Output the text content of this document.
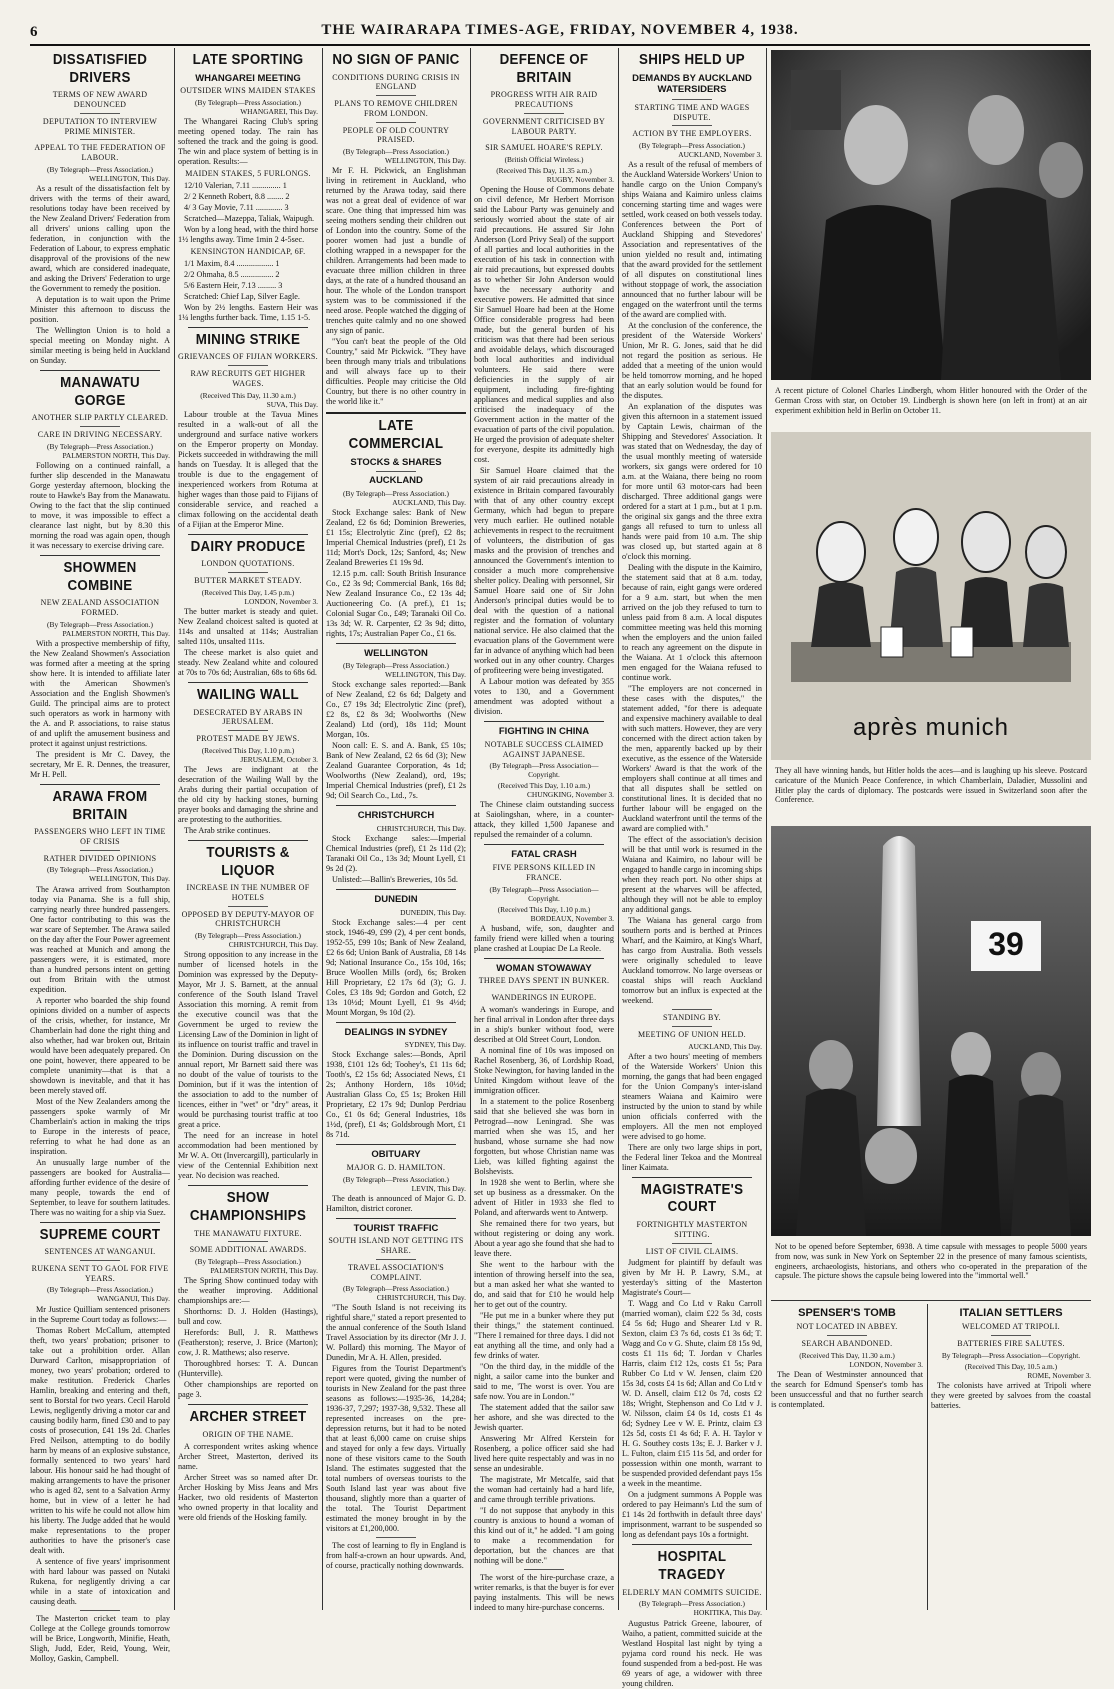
6	THE WAIRARAPA TIMES-AGE, FRIDAY, NOVEMBER 4, 1938.
DISSATISFIED DRIVERS
TERMS OF NEW AWARD DENOUNCED
DEPUTATION TO INTERVIEW PRIME MINISTER.
APPEAL TO THE FEDERATION OF LABOUR.

(By Telegraph—Press Association.)

WELLINGTON, This Day.

As a result of the dissatisfaction felt by drivers with the terms of their award, resolutions today have been received by the New Zealand Drivers' Federation from all drivers' unions calling upon the federation, in conjunction with the Federation of Labour, to express emphatic disapproval of the provisions of the new award, which are considered inadequate, and asking the Drivers' Federation to urge the Government to remedy the position.

A deputation is to wait upon the Prime Minister this afternoon to discuss the position.

The Wellington Union is to hold a special meeting on Monday night. A similar meeting is being held in Auckland on Sunday.

MANAWATU GORGE
ANOTHER SLIP PARTLY CLEARED.
CARE IN DRIVING NECESSARY.

(By Telegraph—Press Association.)

PALMERSTON NORTH, This Day.

Following on a continued rainfall, a further slip descended in the Manawatu Gorge yesterday afternoon, blocking the route to Hawke's Bay from the Manawatu. Owing to the fact that the slip continued to move, it was impossible to effect a clearance last night, but by 8.30 this morning the road was again open, though it was necessary to exercise driving care.

SHOWMEN COMBINE
NEW ZEALAND ASSOCIATION FORMED.

(By Telegraph—Press Association.)

PALMERSTON NORTH, This Day.

With a prospective membership of fifty, the New Zealand Showmen's Association was formed after a meeting at the spring show here. It is intended to affiliate later with the American Showmen's Association and the English Showmen's Guild. The principal aims are to protect such operators as work in harmony with the A. and P. associations, to raise status of and uplift the amusement business and protect it against unjust restrictions.

The president is Mr C. Davey, the secretary, Mr E. R. Dennes, the treasurer, Mr H. Pell.

ARAWA FROM BRITAIN
PASSENGERS WHO LEFT IN TIME OF CRISIS
RATHER DIVIDED OPINIONS

(By Telegraph—Press Association.)

WELLINGTON, This Day.

The Arawa arrived from Southampton today via Panama. She is a full ship, carrying nearly three hundred passengers. One factor contributing to this was the war scare of September. The Arawa sailed on the day after the Four Power agreement was reached at Munich and among the passengers were, it is estimated, more than a hundred persons intent on getting out from Britain with the utmost expedition.

A reporter who boarded the ship found opinions divided on a number of aspects of the crisis, whether, for instance, Mr Chamberlain had done the right thing and also whether, had war broken out, Britain would have been adequately prepared. On one point, however, there appeared to be complete unanimity—that is that a showdown is inevitable, and that it has been merely staved off.

Most of the New Zealanders among the passengers spoke warmly of Mr Chamberlain's action in making the trips to Europe in the interests of peace, referring to what he had done as an inspiration.

An unusually large number of the passengers are booked for Australia—affording further evidence of the desire of many people, towards the end of September, to leave for southern latitudes. There was no waiting for a ship via Suez.

SUPREME COURT
SENTENCES AT WANGANUI.
RUKENA SENT TO GAOL FOR FIVE YEARS.

(By Telegraph—Press Association.)

WANGANUI, This Day.

Mr Justice Quilliam sentenced prisoners in the Supreme Court today as follows:—

Thomas Robert McCallum, attempted theft, two years' probation; prisoner to take out a prohibition order. Allan Durward Carlton, misappropriation of money, two years' probation; ordered to make restitution. Frederick Charles Hamlin, breaking and entering and theft, sent to Borstal for two years. Cecil Harold Lewis, negligently driving a motor car and causing bodily harm, fined £30 and to pay costs of prosecution, £41 19s 2d. Charles Fred Neilson, attempting to do bodily harm by means of an explosive substance, formally sentenced to two years' hard labour. His honour said he had thought of making arrangements to have the prisoner who is aged 82, sent to a Salvation Army home, but in view of a letter he had written to his wife he could not allow him his liberty. The Judge added that he would make representations to the proper authorities to have the prisoner's case dealt with.

A sentence of five years' imprisonment with hard labour was passed on Nutaki Rukena, for negligently driving a car while in a state of intoxication and causing death.

The Masterton cricket team to play College at the College grounds tomorrow will be Brice, Longworth, Minifie, Heath, Sligh, Judd, Eder, Reid, Young, Weir, Molloy, Gaskin, Campbell.

LATE SPORTING
WHANGAREI MEETING
OUTSIDER WINS MAIDEN STAKES

(By Telegraph—Press Association.)

WHANGAREI, This Day.

The Whangarei Racing Club's spring meeting opened today. The rain has softened the track and the going is good. The win and place system of betting is in operation. Results:—

MAIDEN STAKES, 5 FURLONGS.

12/10 Valerian, 7.11 .............. 1

2/ 2 Kenneth Robert, 8.8 ........ 2

4/ 3 Gay Movie, 7.11 ............. 3

Scratched—Mazeppa, Taliak, Waipugh.

Won by a long head, with the third horse 1½ lengths away. Time 1min 2 4-5sec.

KENSINGTON HANDICAP, 6F.

1/1 Maxim, 8.4 .................. 1

2/2 Ohmaha, 8.5 ................ 2

5/6 Eastern Heir, 7.13 ......... 3

Scratched: Chief Lap, Silver Eagle.

Won by 2½ lengths. Eastern Heir was 1¼ lengths further back. Time, 1.15 1-5.

MINING STRIKE
GRIEVANCES OF FIJIAN WORKERS.
RAW RECRUITS GET HIGHER WAGES.

(Received This Day, 11.30 a.m.)

SUVA, This Day.

Labour trouble at the Tavua Mines resulted in a walk-out of all the underground and surface native workers on the Emperor property on Monday. Pickets succeeded in withdrawing the mill hands on Tuesday. It is alleged that the trouble is due to the engagement of inexperienced workers from Rotuma at higher wages than those paid to Fijians of considerable service, and reached a climax following on the accidental death of a Fijian at the Emperor Mine.

DAIRY PRODUCE
LONDON QUOTATIONS.
BUTTER MARKET STEADY.

(Received This Day, 1.45 p.m.)

LONDON, November 3.

The butter market is steady and quiet. New Zealand choicest salted is quoted at 114s and unsalted at 114s; Australian salted 110s, unsalted 111s.

The cheese market is also quiet and steady. New Zealand white and coloured at 70s to 70s 6d; Australian, 68s to 68s 6d.

WAILING WALL
DESECRATED BY ARABS IN JERUSALEM.
PROTEST MADE BY JEWS.

(Received This Day, 1.10 p.m.)

JERUSALEM, October 3.

The Jews are indignant at the desecration of the Wailing Wall by the Arabs during their partial occupation of the old city by hacking stones, burning prayer books and damaging the shrine and are protesting to the authorities.

The Arab strike continues.

TOURISTS & LIQUOR
INCREASE IN THE NUMBER OF HOTELS
OPPOSED BY DEPUTY-MAYOR OF CHRISTCHURCH

(By Telegraph—Press Association.)

CHRISTCHURCH, This Day.

Strong opposition to any increase in the number of licensed hotels in the Dominion was expressed by the Deputy-Mayor, Mr J. S. Barnett, at the annual conference of the South Island Travel Association this morning. A remit from the executive council was that the Government be urged to review the Licensing Law of the Dominion in light of its influence on tourist traffic and travel in the Dominion. During discussion on the annual report, Mr Barnett said there was no doubt of the value of tourists to the Dominion, but if it was the intention of the association to add to the number of licences, either in "wet" or "dry" areas, it would be purchasing tourist traffic at too great a price.

The need for an increase in hotel accommodation had been mentioned by Mr W. A. Ott (Invercargill), particularly in view of the Centennial Exhibition next year. No decision was reached.

SHOW CHAMPIONSHIPS
THE MANAWATU FIXTURE.
SOME ADDITIONAL AWARDS.

(By Telegraph—Press Association.)

PALMERSTON NORTH, This Day.

The Spring Show continued today with the weather improving. Additional championships are:—

Shorthorns: D. J. Holden (Hastings), bull and cow.

Herefords: Bull, J. R. Matthews (Featherston); reserve, J. Brice (Marton); cow, J. R. Matthews; also reserve.

Thoroughbred horses: T. A. Duncan (Hunterville).

Other championships are reported on page 3.

ARCHER STREET
ORIGIN OF THE NAME.

A correspondent writes asking whence Archer Street, Masterton, derived its name.

Archer Street was so named after Dr. Archer Hosking by Miss Jeans and Mrs Hacker, two old residents of Masterton who owned property in that locality and were old friends of the Hosking family.

NO SIGN OF PANIC
CONDITIONS DURING CRISIS IN ENGLAND
PLANS TO REMOVE CHILDREN FROM LONDON.
PEOPLE OF OLD COUNTRY PRAISED.

(By Telegraph—Press Association.)

WELLINGTON, This Day.

Mr F. H. Pickwick, an Englishman living in retirement in Auckland, who returned by the Arawa today, said there was not a great deal of evidence of war scare. One thing that impressed him was seeing mothers sending their children out of London into the country. Some of the poorer women had just a bundle of clothing wrapped in a newspaper for the children. Arrangements had been made to evacuate three million children in three days, at the rate of a hundred thousand an hour. The whole of the London transport system was to be commissioned if the need arose. People watched the digging of trenches quite calmly and no one showed any sign of panic.

"You can't beat the people of the Old Country," said Mr Pickwick. "They have been through many trials and tribulations and will always face up to their difficulties. People may criticise the Old Country, but there is no other country in the world like it."

LATE COMMERCIAL
STOCKS & SHARES
AUCKLAND

(By Telegraph—Press Association.)

AUCKLAND, This Day.

Stock Exchange sales: Bank of New Zealand, £2 6s 6d; Dominion Breweries, £1 15s; Electrolytic Zinc (pref), £2 8s; Imperial Chemical Industries (pref), £1 2s 11d; Mort's Dock, 12s; Sanford, 4s; New Zealand Breweries £1 19s 9d.

12.15 p.m. call: South British Insurance Co., £2 3s 9d; Commercial Bank, 16s 8d; New Zealand Insurance Co., £2 13s 4d; Auctioneering Co. (A pref.), £1 1s; Colonial Sugar Co., £49; Taranaki Oil Co. 13s 3d; W. R. Carpenter, £2 3s 9d; ditto, rights, 17s; Australian Paper Co., £1 6s.

WELLINGTON

(By Telegraph—Press Association.)

WELLINGTON, This Day.

Stock exchange sales reported:—Bank of New Zealand, £2 6s 6d; Dalgety and Co., £7 19s 3d; Electrolytic Zinc (pref), £2 8s, £2 8s 3d; Woolworths (New Zealand) Ltd (ord), 18s 11d; Mount Morgan, 10s.

Noon call: E. S. and A. Bank, £5 10s; Bank of New Zealand, £2 6s 6d (3); New Zealand Guarantee Corporation, 4s 1d; Woolworths (New Zealand), ord, 19s; Imperial Chemical Industries (pref), £1 2s 9d; Oil Search Co., Ltd., 7s.

CHRISTCHURCH

CHRISTCHURCH, This Day.

Stock Exchange sales:—Imperial Chemical Industries (pref), £1 2s 11d (2); Taranaki Oil Co., 13s 3d; Mount Lyell, £1 9s 2d (2).

Unlisted:—Ballin's Breweries, 10s 5d.

DUNEDIN

DUNEDIN, This Day.

Stock Exchange sales:—4 per cent stock, 1946-49, £99 (2), 4 per cent bonds, 1952-55, £99 10s; Bank of New Zealand, £2 6s 6d; Union Bank of Australia, £8 14s 9d; National Insurance Co., 15s 10d, 16s; Bruce Woollen Mills (ord), 6s; Broken Hill Proprietary, £2 17s 6d (3); G. J. Coles, £3 18s 9d; Gordon and Gotch, £2 13s 10½d; Mount Lyell, £1 9s 4½d; Mount Morgan, 9s 10d (2).

DEALINGS IN SYDNEY

SYDNEY, This Day.

Stock Exchange sales:—Bonds, April 1938, £101 12s 6d; Toohey's, £1 11s 6d; Tooth's, £2 15s 6d; Associated News, £1 2s; Anthony Hordern, 18s 10½d; Australian Glass Co, £5 1s; Broken Hill Proprietary, £2 17s 9d; Dunlop Perdriau Co., £1 0s 6d; General Industries, 18s 1½d, (pref), £1 4s; Goldsbrough Mort, £1 8s 71d.

OBITUARY
MAJOR G. D. HAMILTON.

(By Telegraph—Press Association.)

LEVIN, This Day.

The death is announced of Major G. D. Hamilton, district coroner.

TOURIST TRAFFIC
SOUTH ISLAND NOT GETTING ITS SHARE.
TRAVEL ASSOCIATION'S COMPLAINT.

(By Telegraph—Press Association.)

CHRISTCHURCH, This Day.

"The South Island is not receiving its rightful share," stated a report presented to the annual conference of the South Island Travel Association by its director (Mr J. J. W. Pollard) this morning. The Mayor of Dunedin, Mr A. H. Allen, presided.

Figures from the Tourist Department's report were quoted, giving the number of tourists in New Zealand for the past three seasons as follows:—1935-36, 14,284; 1936-37, 7,297; 1937-38, 9,532. These all represented increases on the pre-depression returns, but it had to be noted that at least 6,000 came on cruise ships and stayed for only a few days. Virtually none of these visitors came to the South Island. The estimates suggested that the total numbers of overseas tourists to the South Island last year was about five thousand, slightly more than a quarter of the total. The Tourist Department estimated the money brought in by the visitors at £1,200,000.

The cost of learning to fly in England is from half-a-crown an hour upwards. And, of course, practically nothing downwards.

DEFENCE OF BRITAIN
PROGRESS WITH AIR RAID PRECAUTIONS
GOVERNMENT CRITICISED BY LABOUR PARTY.
SIR SAMUEL HOARE'S REPLY.

(British Official Wireless.)

(Received This Day, 11.35 a.m.)

RUGBY, November 3.

Opening the House of Commons debate on civil defence, Mr Herbert Morrison said the Labour Party was genuinely and seriously worried about the state of air raid precautions. He assured Sir John Anderson (Lord Privy Seal) of the support of all parties and local authorities in the execution of his task in connection with air raid precautions, but expressed doubts as to whether Sir John Anderson would have the necessary authority and executive powers. He admitted that since Sir Samuel Hoare had been at the Home Office considerable progress had been made, but the general burden of his criticism was that there had been serious and avoidable delays, which discouraged both local authorities and individual volunteers. He said there were deficiencies in the supply of air equipment, including fire-fighting appliances and medical supplies and also criticised the inadequacy of the Government action in the matter of the evacuation of parts of the civil population. He urged the provision of adequate shelter for everyone, despite its admittedly high cost.

Sir Samuel Hoare claimed that the system of air raid precautions already in existence in Britain compared favourably with that of any other country except Germany, which had begun to prepare very much earlier. He outlined notable achievements in respect to the recruitment of volunteers, the distribution of gas masks and the provision of trenches and announced the Government's intention to consider a much more comprehensive shelter policy. Dealing with personnel, Sir Samuel Hoare said one of Sir John Anderson's principal duties would be to deal with the question of a national register and the formation of voluntary national service. He also claimed that the evacuation plans of the Government were far in advance of anything which had been worked out in any other country. Charges of profiteering were being investigated.

A Labour motion was defeated by 355 votes to 130, and a Government amendment was adopted without a division.

FIGHTING IN CHINA
NOTABLE SUCCESS CLAIMED AGAINST JAPANESE.

(By Telegraph—Press Association—Copyright.

(Received This Day, 1.10 a.m.)

CHUNGKING, November 3.

The Chinese claim outstanding success at Saiolingshan, where, in a counter-attack, they killed 1,500 Japanese and repulsed the remainder of a column.

FATAL CRASH
FIVE PERSONS KILLED IN FRANCE.

(By Telegraph—Press Association—Copyright.

(Received This Day, 1.10 p.m.)

BORDEAUX, November 3.

A husband, wife, son, daughter and family friend were killed when a touring plane crashed at Loupiac De La Reole.

WOMAN STOWAWAY
THREE DAYS SPENT IN BUNKER.
WANDERINGS IN EUROPE.

A woman's wanderings in Europe, and her final arrival in London after three days in a ship's bunker without food, were described at Old Street Court, London.

A nominal fine of 10s was imposed on Rachel Rosenberg, 36, of Lordship Road, Stoke Newington, for having landed in the United Kingdom without leave of the immigration officer.

In a statement to the police Rosenberg said that she believed she was born in Petrograd—now Leningrad. She was married when she was 15, and her husband, whose surname she had now forgotten, but whose Christian name was Lieb, was killed fighting against the Bolshevists.

In 1928 she went to Berlin, where she set up business as a dressmaker. On the advent of Hitler in 1933 she fled to Poland, and afterwards went to Antwerp.

She remained there for two years, but without registering or doing any work. About a year ago she found that she had to leave there.

She went to the harbour with the intention of throwing herself into the sea, but a man asked her what she wanted to do, and said that for £10 he would help her to get out of the country.

"He put me in a bunker where they put their things," the statement continued. "There I remained for three days. I did not eat anything all the time, and only had a few drinks of water.

"On the third day, in the middle of the night, a sailor came into the bunker and said to me, 'The worst is over. You are safe now. You are in London.'"

The statement added that the sailor saw her ashore, and she was directed to the Jewish quarter.

Answering Mr Alfred Kerstein for Rosenberg, a police officer said she had lived here quite respectably and was in no sense an undesirable.

The magistrate, Mr Metcalfe, said that the woman had certainly had a hard life, and came through terrible privations.

"I do not suppose that anybody in this country is anxious to hound a woman of this kind out of it," he added. "I am going to make a recommendation for deportation, but the chances are that nothing will be done."

The worst of the hire-purchase craze, a writer remarks, is that the buyer is for ever paying instalments. This will be news indeed to many hire-purchase concerns.

SHIPS HELD UP
DEMANDS BY AUCKLAND WATERSIDERS
STARTING TIME AND WAGES DISPUTE.
ACTION BY THE EMPLOYERS.

(By Telegraph—Press Association.)

AUCKLAND, November 3.

As a result of the refusal of members of the Auckland Waterside Workers' Union to handle cargo on the Union Company's ships Waiana and Kaimiro unless claims concerning starting time and wages were settled, work ceased on both vessels today. Conferences between the Port of Auckland Shipping and Stevedores' Association and representatives of the union yielded no result and, intimating that the award provided for the settlement of all disputes on constitutional lines without stoppage of work, the association announced that no further labour will be engaged on the waterfront until the terms of the award are complied with.

At the conclusion of the conference, the president of the Waterside Workers' Union, Mr R. G. Jones, said that he did not regard the position as serious. He added that a meeting of the union would be held tomorrow morning, and he hoped that an early solution would be found for the disputes.

An explanation of the disputes was given this afternoon in a statement issued by Captain Lewis, chairman of the Shipping and Stevedores' Association. It was stated that on Wednesday, the day of the usual monthly meeting of waterside workers, six gangs were ordered for 10 a.m. at the Waiana, there being no room for more until 63 motor-cars had been discharged. Three additional gangs were ordered for a start at 1 p.m., but at 1 p.m. the original six gangs and the three extra gangs all refused to turn to unless all hands were paid from 10 a.m. The ship was closed up, but started again at 8 o'clock this morning.

Dealing with the dispute in the Kaimiro, the statement said that at 8 a.m. today, because of rain, eight gangs were ordered for a 9 a.m. start, but when the men arrived on the job they refused to turn to unless paid from 8 a.m. A local disputes committee meeting was held this morning when the employers and the union failed to reach any agreement on the dispute in the Waiana. At 1 o'clock this afternoon men engaged for the Waiana refused to continue work.

"The employers are not concerned in these cases with the disputes," the statement added, "for there is adequate and expensive machinery available to deal with such matters. However, they are very concerned with the direct action taken by the men, apparently backed up by their executive, as the essence of the Waterside Workers' Award is that the work of the employers shall continue at all times and that all disputes shall be settled on constitutional lines. It is decided that no further labour will be engaged on the Auckland waterfront until the terms of the award are complied with."

The effect of the association's decision will be that until work is resumed in the Waiana and Kaimiro, no labour will be engaged to handle cargo in incoming ships when they reach port. No other ships at present at the wharves will be affected, although they will not be able to employ any additional gangs.

The Waiana has general cargo from southern ports and is berthed at Princes Wharf, and the Kaimiro, at King's Wharf, has cargo from Australia. Both vessels were originally scheduled to leave Auckland tomorrow. No large overseas or coastal ships will reach Auckland tomorrow but an influx is expected at the weekend.

STANDING BY.
MEETING OF UNION HELD.

AUCKLAND, This Day.

After a two hours' meeting of members of the Waterside Workers' Union this morning, the gangs that had been engaged for the Union Company's inter-island steamers Waiana and Kaimiro were instructed by the union to stand by while union officials conferred with the employers. All the men not employed were advised to go home.

There are only two large ships in port, the Federal liner Tekoa and the Montreal liner Kaimata.

MAGISTRATE'S COURT
FORTNIGHTLY MASTERTON SITTING.
LIST OF CIVIL CLAIMS.

Judgment for plaintiff by default was given by Mr H. P. Lawry, S.M., at yesterday's sitting of the Masterton Magistrate's Court—

T. Wagg and Co Ltd v Raku Carroll (married woman), claim £22 5s 3d, costs £4 5s 6d; Hugo and Shearer Ltd v R. Sexton, claim £3 7s 6d, costs £1 3s 6d; T. Wagg and Co v G. Shute, claim £8 15s 9d, costs £1 11s 6d; T. Jordan v Charles Harris, claim £12 12s, costs £1 5s; Para Rubber Co Ltd v W. Jensen, claim £20 15s 3d, costs £4 1s 6d; Allan and Co Ltd v W. D. Ansell, claim £12 0s 7d, costs £2 18s; Wright, Stephenson and Co Ltd v J. W. Nilsson, claim £4 0s 1d, costs £1 4s 6d; Sydney Lee v W. E. Printz, claim £3 12s 5d, costs £1 4s 6d; F. A. H. Taylor v H. G. Southey costs 13s; E. J. Barker v J. L. Fulton, claim £15 11s 5d, and order for possession within one month, warrant to be suspended provided defendant pays 15s a week in the meantime.

On a judgment summons A Popple was ordered to pay Heimann's Ltd the sum of £1 14s 2d forthwith in default three days' imprisonment, warrant to be suspended so long as defendant pays 10s a fortnight.

HOSPITAL TRAGEDY
ELDERLY MAN COMMITS SUICIDE.

(By Telegraph—Press Association.)

HOKITIKA, This Day.

Augustus Patrick Greene, labourer, of Waiho, a patient, committed suicide at the Westland Hospital last night by tying a pyjama cord round his neck. He was found suspended from a bed-post. He was 69 years of age, a widower with three young children.

A recent picture of Colonel Charles Lindbergh, whom Hitler honoured with the Order of the German Cross with star, on October 19. Lindbergh is shown here (on left in front) at an air experiment exhibition held in Berlin on October 11.
après munich
They all have winning hands, but Hitler holds the aces—and is laughing up his sleeve. Postcard caricature of the Munich Peace Conference, in which Chamberlain, Daladier, Mussolini and Hitler play the cards of diplomacy. The postcards were issued in Switzerland soon after the Conference.
39
Not to be opened before September, 6938. A time capsule with messages to people 5000 years from now, was sunk in New York on September 22 in the presence of many famous scientists, engineers, archaeologists, historians, and others who co-operated in the preparation of the capsule. The picture shows the capsule being lowered into the "immortal well."
SPENSER'S TOMB
NOT LOCATED IN ABBEY.
SEARCH ABANDONED.

(Received This Day, 11.30 a.m.)

LONDON, November 3.

The Dean of Westminster announced that the search for Edmund Spenser's tomb has been unsuccessful and that no further search is contemplated.

ITALIAN SETTLERS
WELCOMED AT TRIPOLI.
BATTERIES FIRE SALUTES.

By Telegraph—Press Association—Copyright.

(Received This Day, 10.5 a.m.)

ROME, November 3.

The colonists have arrived at Tripoli where they were greeted by salvoes from the coastal batteries.
